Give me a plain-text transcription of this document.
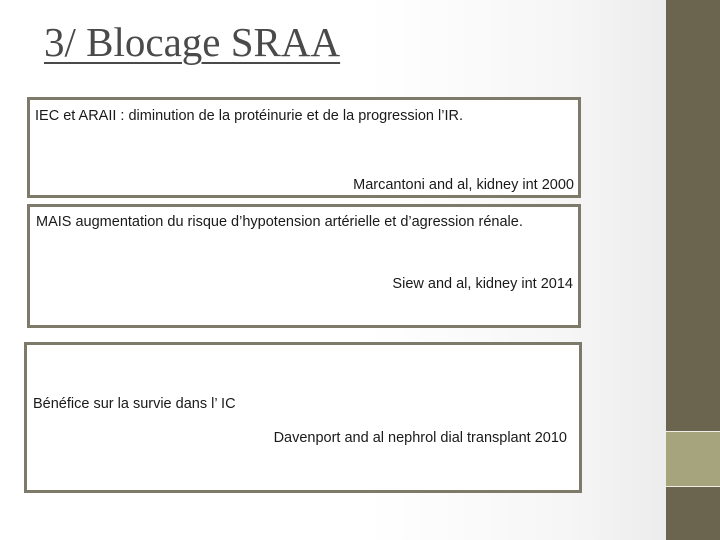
3/ Blocage SRAA

IEC et ARAII : diminution de la protéinurie et de la progression l’IR.

Marcantoni and al, kidney int 2000

MAIS augmentation du risque d’hypotension artérielle et d’agression rénale.

Siew and al, kidney int 2014

Bénéfice sur la survie dans l’ IC

Davenport and al nephrol dial transplant 2010
